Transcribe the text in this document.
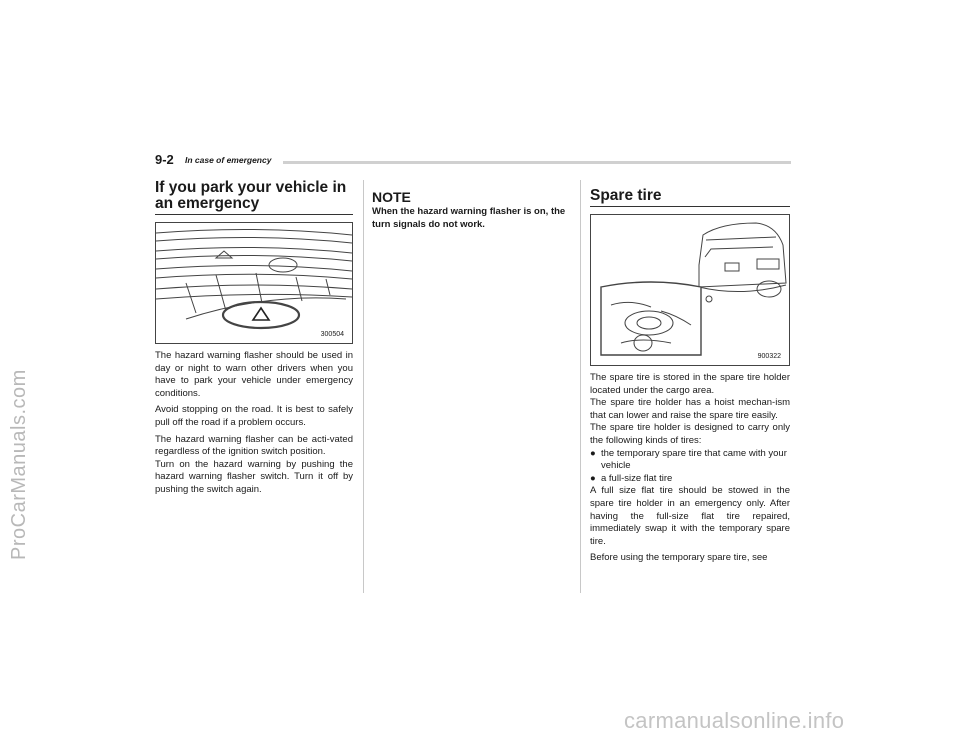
ProCarManuals.com
carmanualsonline.info
9-2 In case of emergency
If you park your vehicle in an emergency
300504

The hazard warning flasher should be used in day or night to warn other drivers when you have to park your vehicle under emergency conditions.

Avoid stopping on the road. It is best to safely pull off the road if a problem occurs.

The hazard warning flasher can be acti-vated regardless of the ignition switch position.

Turn on the hazard warning by pushing the hazard warning flasher switch. Turn it off by pushing the switch again.

NOTE
When the hazard warning flasher is on, the turn signals do not work.
Spare tire
900322

The spare tire is stored in the spare tire holder located under the cargo area.

The spare tire holder has a hoist mechan-ism that can lower and raise the spare tire easily.

The spare tire holder is designed to carry only the following kinds of tires:

● the temporary spare tire that came with your vehicle
● a full-size flat tire

A full size flat tire should be stowed in the spare tire holder in an emergency only. After having the full-size flat tire repaired, immediately swap it with the temporary spare tire.

Before using the temporary spare tire, see
